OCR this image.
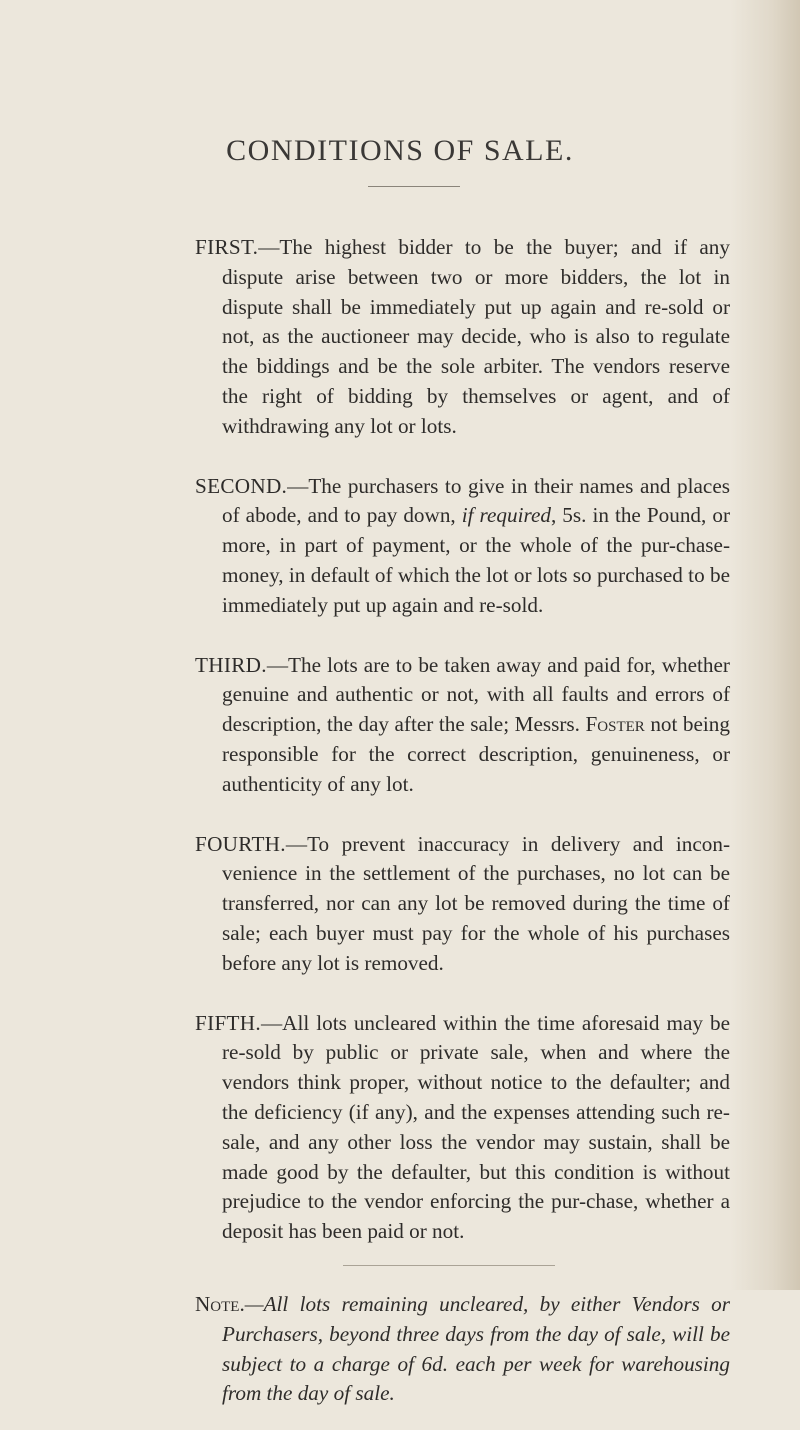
CONDITIONS OF SALE.

FIRST.—The highest bidder to be the buyer; and if any dispute arise between two or more bidders, the lot in dispute shall be immediately put up again and re-sold or not, as the auctioneer may decide, who is also to regulate the biddings and be the sole arbiter. The vendors reserve the right of bidding by themselves or agent, and of withdrawing any lot or lots.

SECOND.—The purchasers to give in their names and places of abode, and to pay down, if required, 5s. in the Pound, or more, in part of payment, or the whole of the pur-chase-money, in default of which the lot or lots so purchased to be immediately put up again and re-sold.

THIRD.—The lots are to be taken away and paid for, whether genuine and authentic or not, with all faults and errors of description, the day after the sale; Messrs. Foster not being responsible for the correct description, genuineness, or authenticity of any lot.

FOURTH.—To prevent inaccuracy in delivery and incon-venience in the settlement of the purchases, no lot can be transferred, nor can any lot be removed during the time of sale; each buyer must pay for the whole of his purchases before any lot is removed.

FIFTH.—All lots uncleared within the time aforesaid may be re-sold by public or private sale, when and where the vendors think proper, without notice to the defaulter; and the deficiency (if any), and the expenses attending such re-sale, and any other loss the vendor may sustain, shall be made good by the defaulter, but this condition is without prejudice to the vendor enforcing the pur-chase, whether a deposit has been paid or not.

Note.—All lots remaining uncleared, by either Vendors or Purchasers, beyond three days from the day of sale, will be subject to a charge of 6d. each per week for warehousing from the day of sale.
